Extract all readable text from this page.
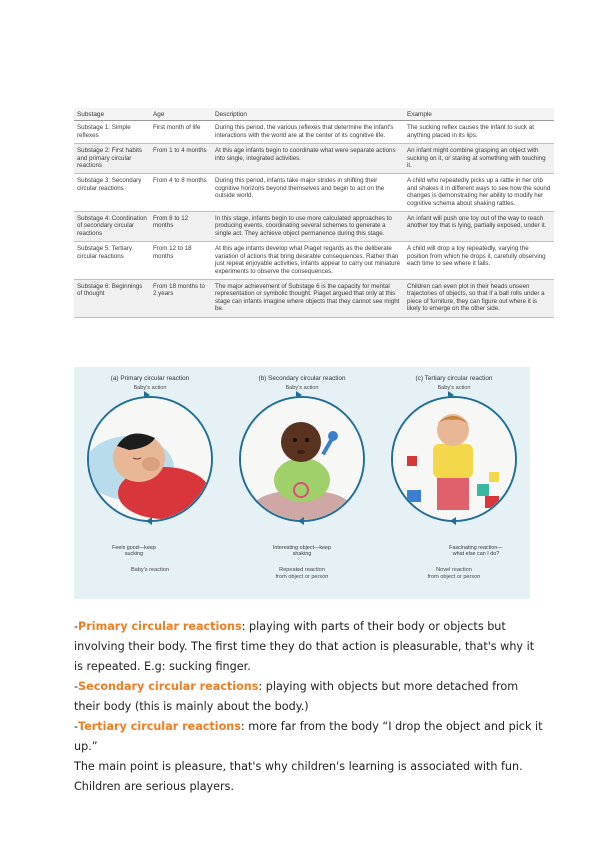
Substage	Age	Description	Example
Substage 1: Simple reflexes	First month of life	During this period, the various reflexes that determine the infant's interactions with the world are at the center of its cognitive life.	The sucking reflex causes the infant to suck at anything placed in its lips.
Substage 2: First habits and primary circular reactions	From 1 to 4 months	At this age infants begin to coordinate what were separate actions into single, integrated activities.	An infant might combine grasping an object with sucking on it, or staring at something with touching it.
Substage 3: Secondary circular reactions	From 4 to 8 months	During this period, infants take major strides in shifting their cognitive horizons beyond themselves and begin to act on the outside world.	A child who repeatedly picks up a rattle in her crib and shakes it in different ways to see how the sound changes is demonstrating her ability to modify her cognitive schema about shaking rattles.
Substage 4: Coordination of secondary circular reactions	From 8 to 12 months	In this stage, infants begin to use more calculated approaches to producing events, coordinating several schemes to generate a single act. They achieve object permanence during this stage.	An infant will push one toy out of the way to reach another toy that is lying, partially exposed, under it.
Substage 5: Tertiary circular reactions	From 12 to 18 months	At this age infants develop what Piaget regards as the deliberate variation of actions that bring desirable consequences. Rather than just repeat enjoyable activities, infants appear to carry out miniature experiments to observe the consequences.	A child will drop a toy repeatedly, varying the position from which he drops it, carefully observing each time to see where it falls.
Substage 6: Beginnings of thought	From 18 months to 2 years	The major achievement of Substage 6 is the capacity for mental representation or symbolic thought. Piaget argued that only at this stage can infants imagine where objects that they cannot see might be.	Children can even plot in their heads unseen trajectories of objects, so that if a ball rolls under a piece of furniture, they can figure out where it is likely to emerge on the other side.
(a) Primary circular reaction
Baby's action
Feels good—keep sucking
Baby's reaction
(b) Secondary circular reaction
Baby's action
Interesting object—keep shaking
Repeated reaction
from object or person
(c) Tertiary circular reaction
Baby's action
Fascinating reaction—what else can I do?
Novel reaction
from object or person

-Primary circular reactions: playing with parts of their body or objects but involving their body. The first time they do that action is pleasurable, that's why it is repeated. E.g: sucking finger.

-Secondary circular reactions: playing with objects but more detached from their body (this is mainly about the body.)

-Tertiary circular reactions: more far from the body “I drop the object and pick it up.”

The main point is pleasure, that's why children's learning is associated with fun. Children are serious players.
